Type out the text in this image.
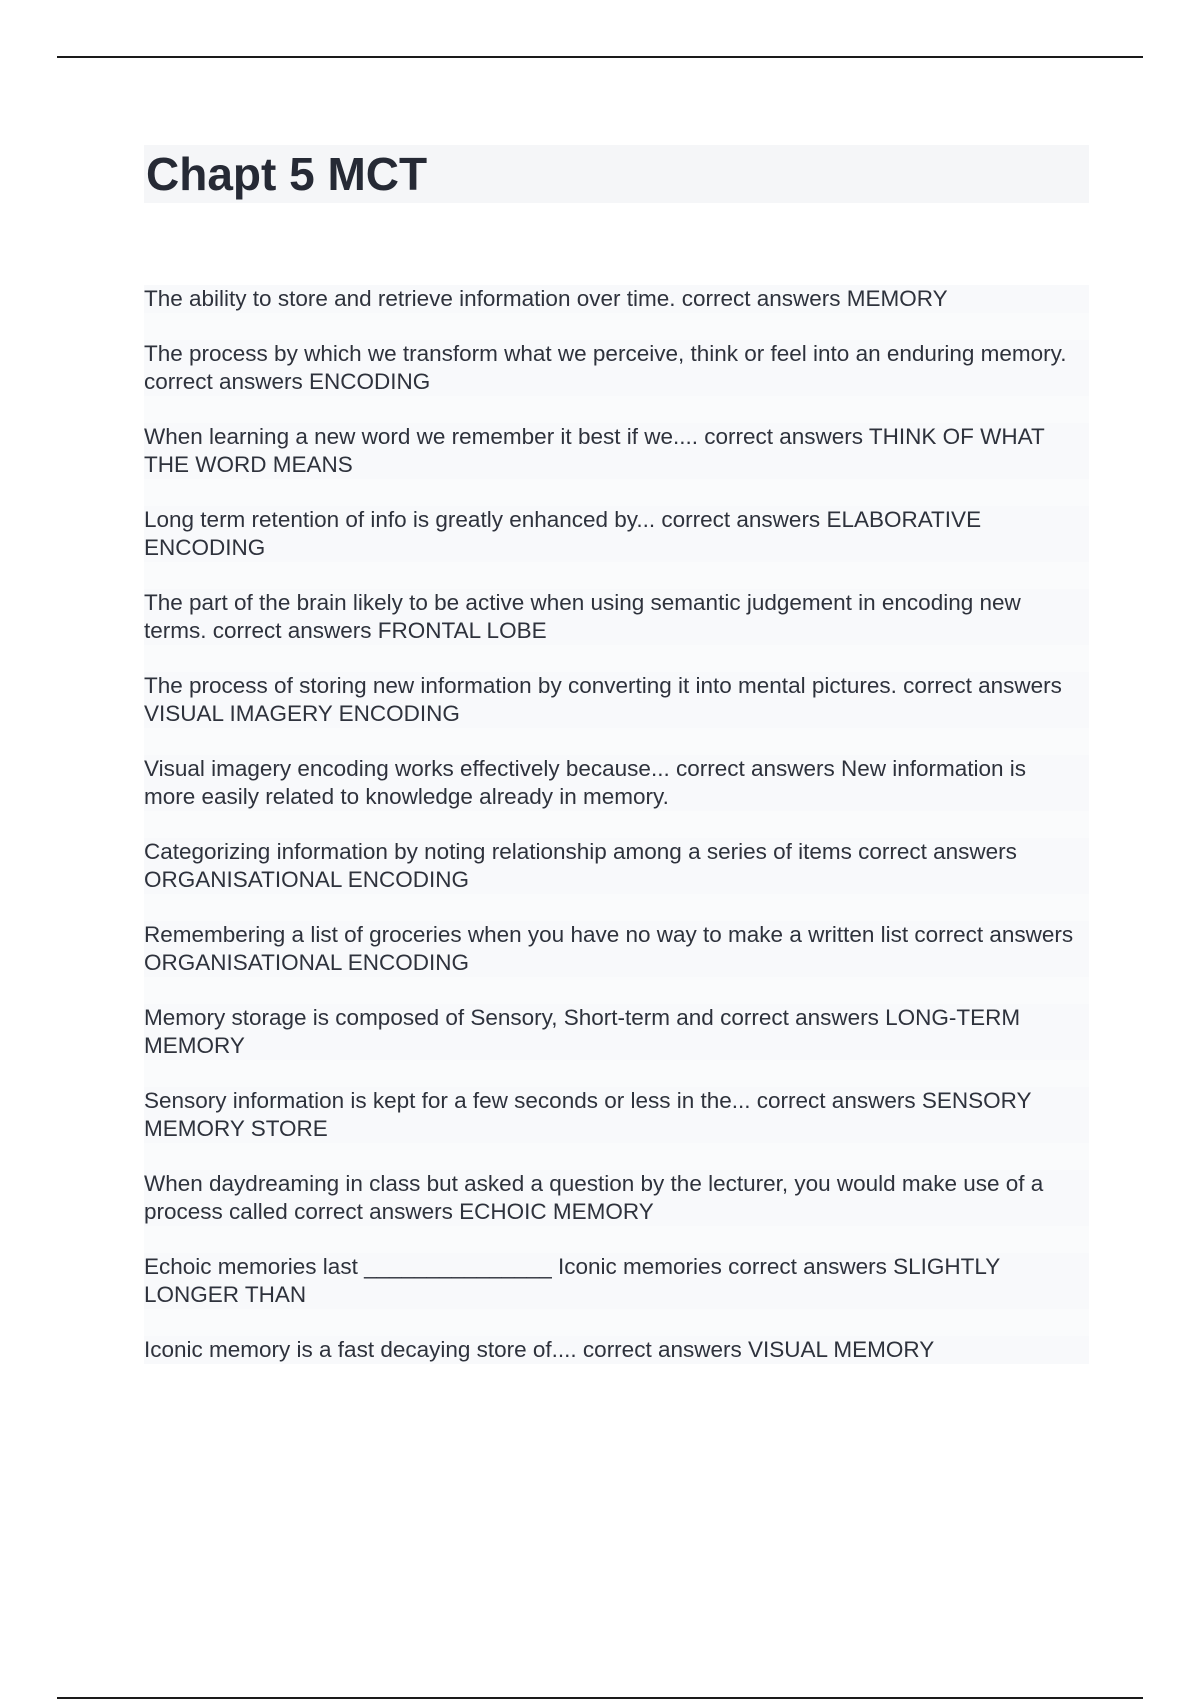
Chapt 5 MCT

The ability to store and retrieve information over time. correct answers MEMORY

The process by which we transform what we perceive, think or feel into an enduring memory. correct answers ENCODING

When learning a new word we remember it best if we.... correct answers THINK OF WHAT THE WORD MEANS

Long term retention of info is greatly enhanced by... correct answers ELABORATIVE ENCODING

The part of the brain likely to be active when using semantic judgement in encoding new terms. correct answers FRONTAL LOBE

The process of storing new information by converting it into mental pictures. correct answers VISUAL IMAGERY ENCODING

Visual imagery encoding works effectively because... correct answers New information is more easily related to knowledge already in memory.

Categorizing information by noting relationship among a series of items correct answers ORGANISATIONAL ENCODING

Remembering a list of groceries when you have no way to make a written list correct answers ORGANISATIONAL ENCODING

Memory storage is composed of Sensory, Short-term and correct answers LONG-TERM MEMORY

Sensory information is kept for a few seconds or less in the... correct answers SENSORY MEMORY STORE

When daydreaming in class but asked a question by the lecturer, you would make use of a process called correct answers ECHOIC MEMORY

Echoic memories last _______________ Iconic memories correct answers SLIGHTLY LONGER THAN

Iconic memory is a fast decaying store of.... correct answers VISUAL MEMORY
